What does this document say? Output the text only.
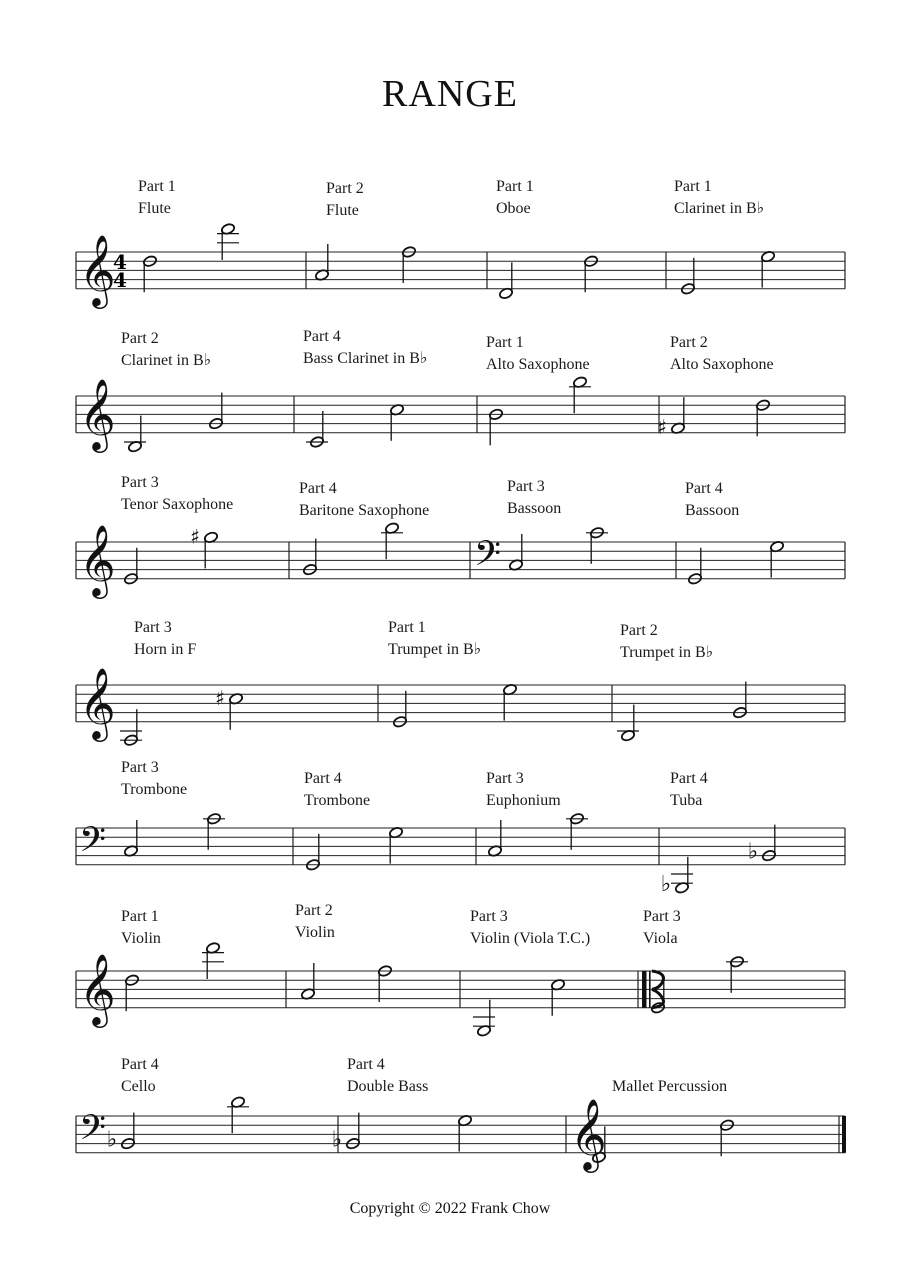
RANGE
Part 1
Flute
Part 2
Flute
Part 1
Oboe
Part 1
Clarinet in B♭
Part 2
Clarinet in B♭
Part 4
Bass Clarinet in B♭
Part 1
Alto Saxophone
Part 2
Alto Saxophone
Part 3
Tenor Saxophone
Part 4
Baritone Saxophone
Part 3
Bassoon
Part 4
Bassoon
Part 3
Horn in F
Part 1
Trumpet in B♭
Part 2
Trumpet in B♭
Part 3
Trombone
Part 4
Trombone
Part 3
Euphonium
Part 4
Tuba
Part 1
Violin
Part 2
Violin
Part 3
Violin (Viola T.C.)
Part 3
Viola
Part 4
Cello
Part 4
Double Bass	Mallet Percussion
𝄞
4
4
𝄞	♯
𝄞	♯	𝄢
𝄞	♯
𝄢
♭
♭
𝄞
𝄢 ♭	♭	𝄞
Copyright © 2022 Frank Chow
